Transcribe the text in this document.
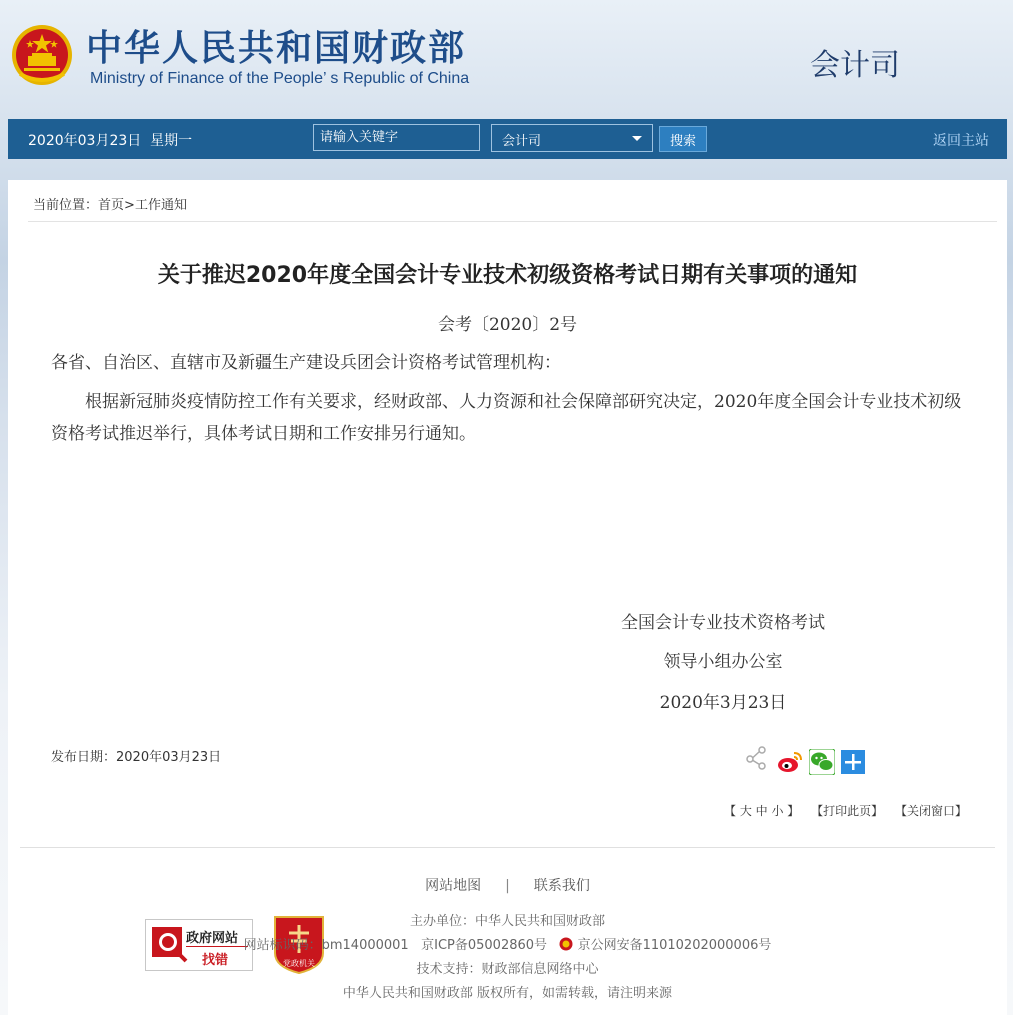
中华人民共和国财政部
Ministry of Finance of the People’ s Republic of China	会计司
2020年03月23日 星期一
请输入关键字	会计司	搜索	返回主站
当前位置：首页>工作通知
关于推迟2020年度全国会计专业技术初级资格考试日期有关事项的通知
会考〔2020〕2号
各省、自治区、直辖市及新疆生产建设兵团会计资格考试管理机构：

根据新冠肺炎疫情防控工作有关要求，经财政部、人力资源和社会保障部研究决定，2020年度全国会计专业技术初级资格考试推迟举行，具体考试日期和工作安排另行通知。

全国会计专业技术资格考试
领导小组办公室
2020年3月23日
发布日期：2020年03月23日
【 大 中 小 】 【打印此页】 【关闭窗口】
网站地图 | 联系我们
政府网站
找错	党政机关
主办单位：中华人民共和国财政部
网站标识码：bm14000001 京ICP备05002860号 京公网安备11010202000006号
技术支持：财政部信息网络中心
中华人民共和国财政部 版权所有，如需转载，请注明来源
